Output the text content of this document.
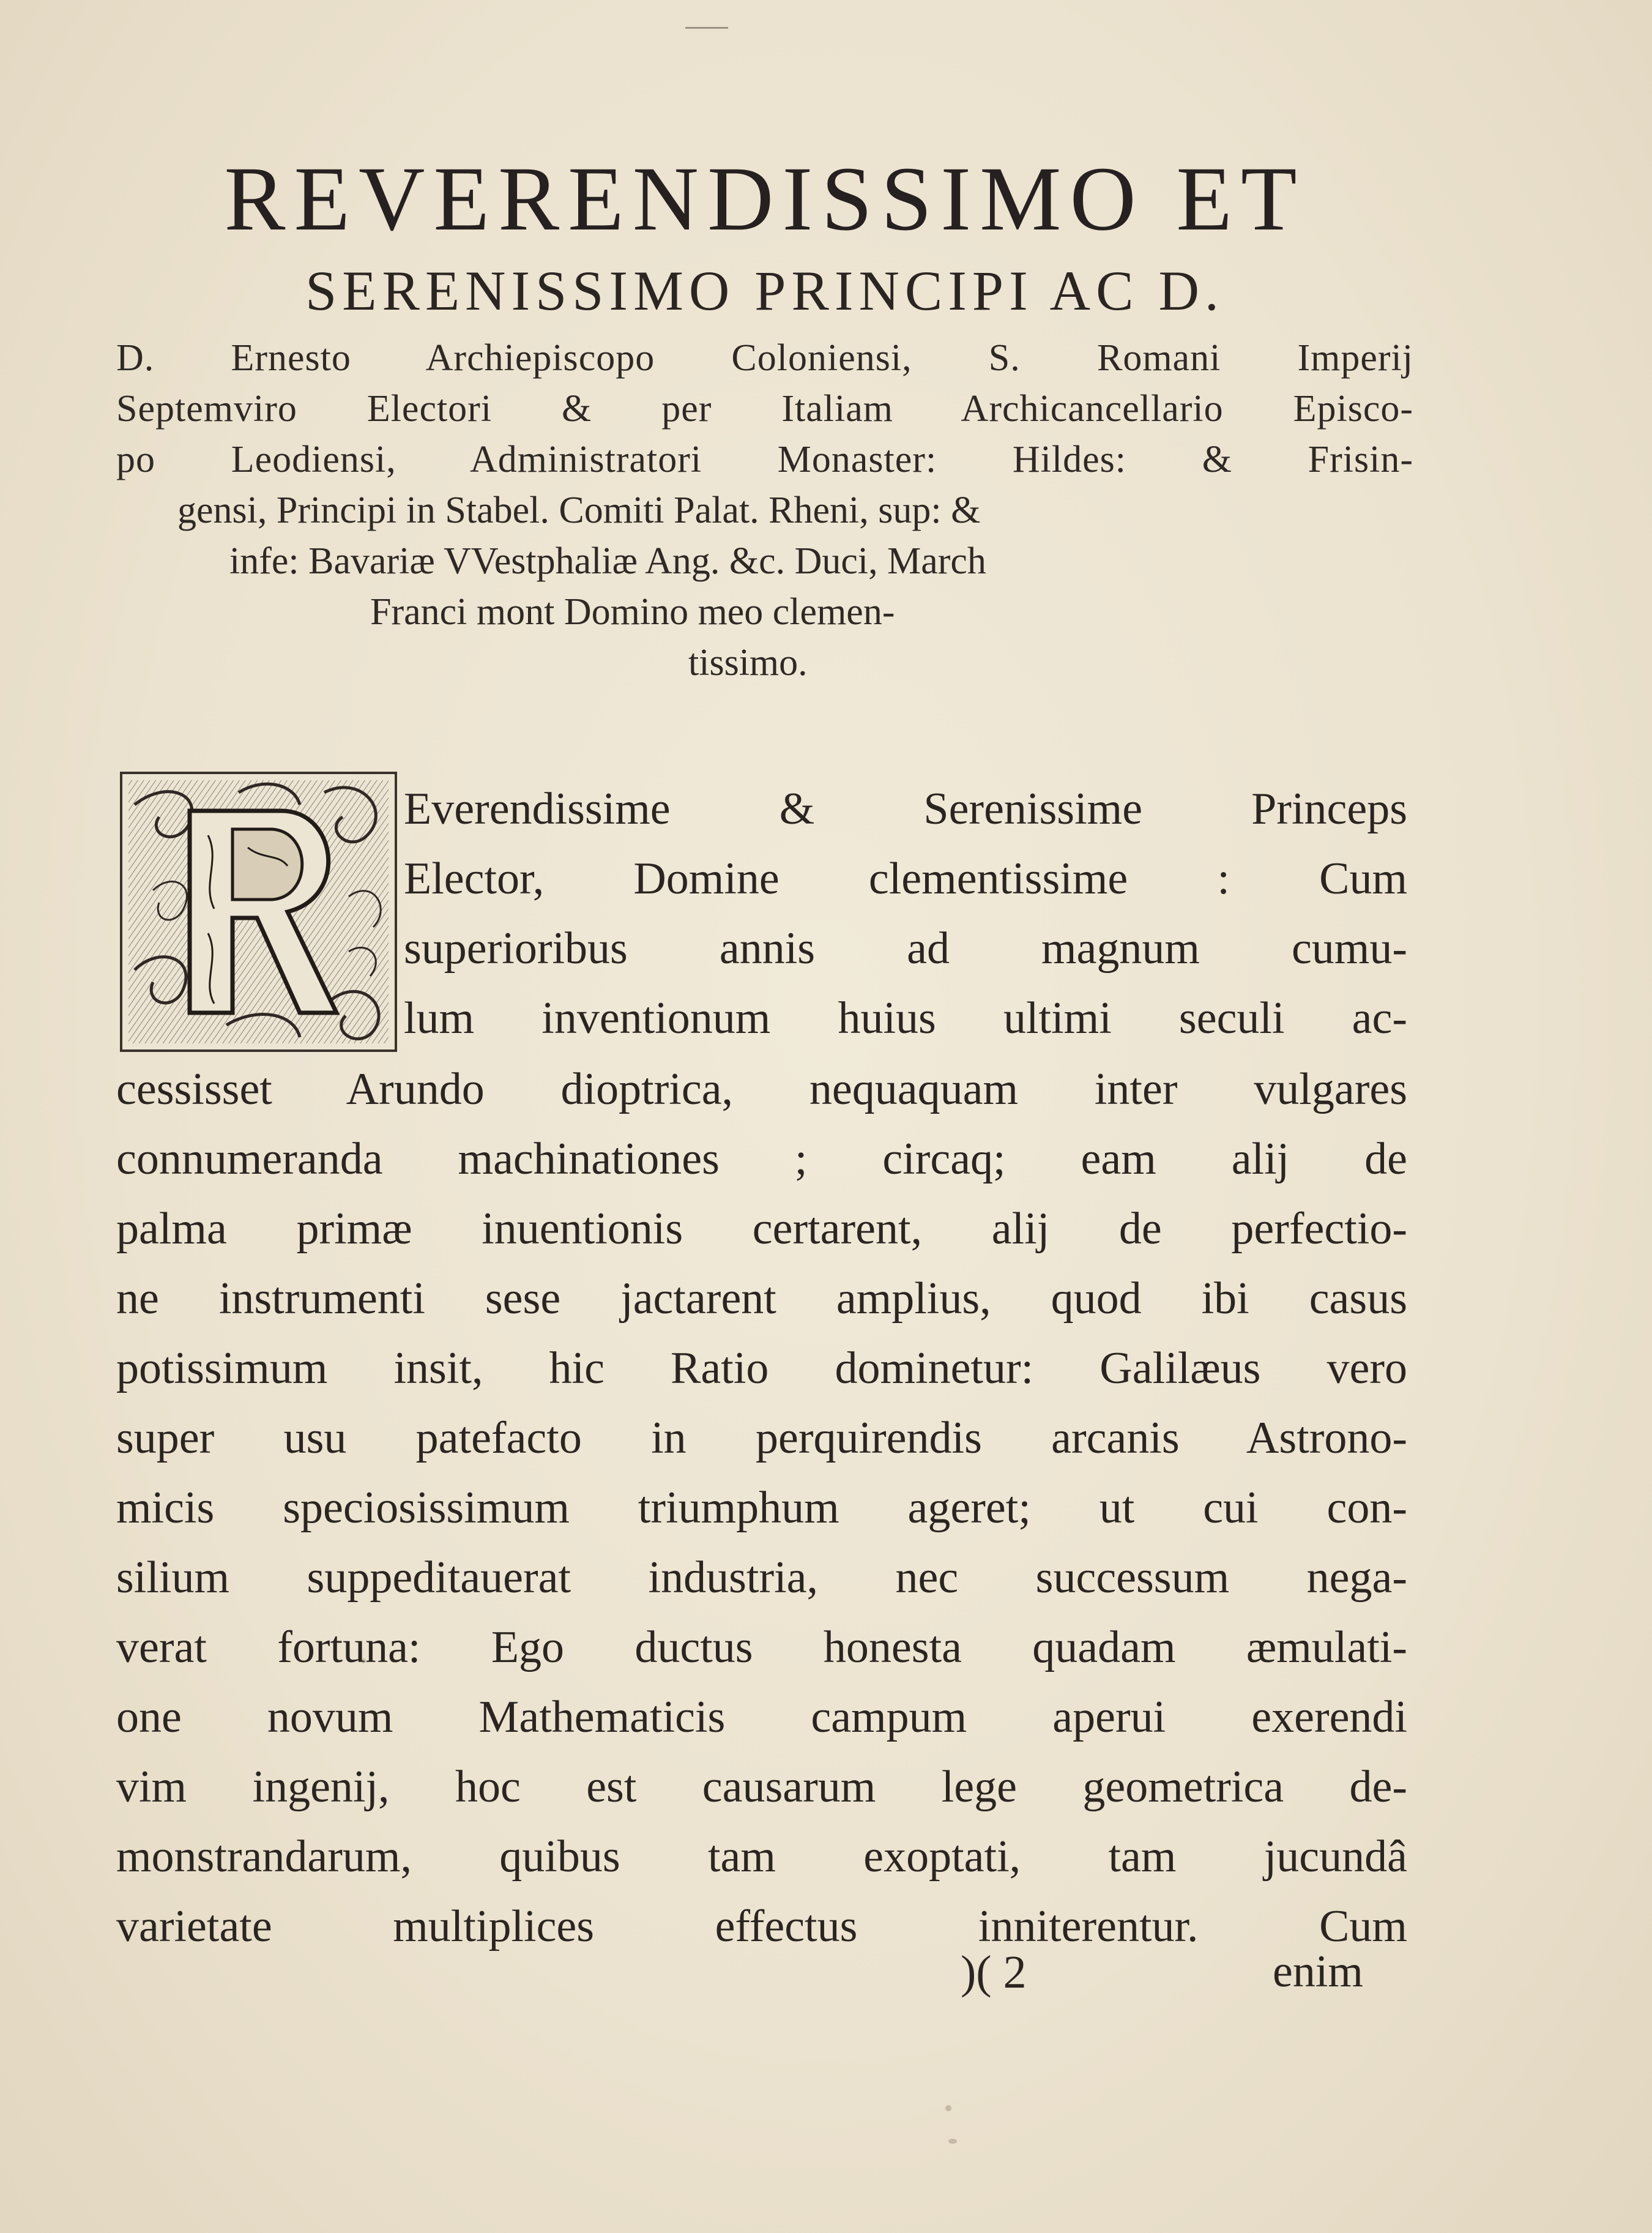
REVERENDISSIMO ET
SERENISSIMO PRINCIPI AC D.
D. Ernesto Archiepiscopo Coloniensi, S. Romani Imperij
Septemviro Electori & per Italiam Archicancellario Episco-
po Leodiensi, Administratori Monaster: Hildes: & Frisin-
gensi, Principi in Stabel. Comiti Palat. Rheni, sup: &
infe: Bavariæ VVestphaliæ Ang. &c. Duci, March
Franci mont Domino meo clemen-
tissimo.
Everendissime & Serenissime Princeps
Elector, Domine clementissime : Cum
superioribus annis ad magnum cumu-
lum inventionum huius ultimi seculi ac-
cessisset Arundo dioptrica, nequaquam inter vulgares
connumeranda machinationes ; circaq; eam alij de
palma primæ inuentionis certarent, alij de perfectio-
ne instrumenti sese jactarent amplius, quod ibi casus
potissimum insit, hic Ratio dominetur: Galilæus vero
super usu patefacto in perquirendis arcanis Astrono-
micis speciosissimum triumphum ageret; ut cui con-
silium suppeditauerat industria, nec successum nega-
verat fortuna: Ego ductus honesta quadam æmulati-
one novum Mathematicis campum aperui exerendi
vim ingenij, hoc est causarum lege geometrica de-
monstrandarum, quibus tam exoptati, tam jucundâ
varietate multiplices effectus inniterentur. Cum
)( 2	enim
